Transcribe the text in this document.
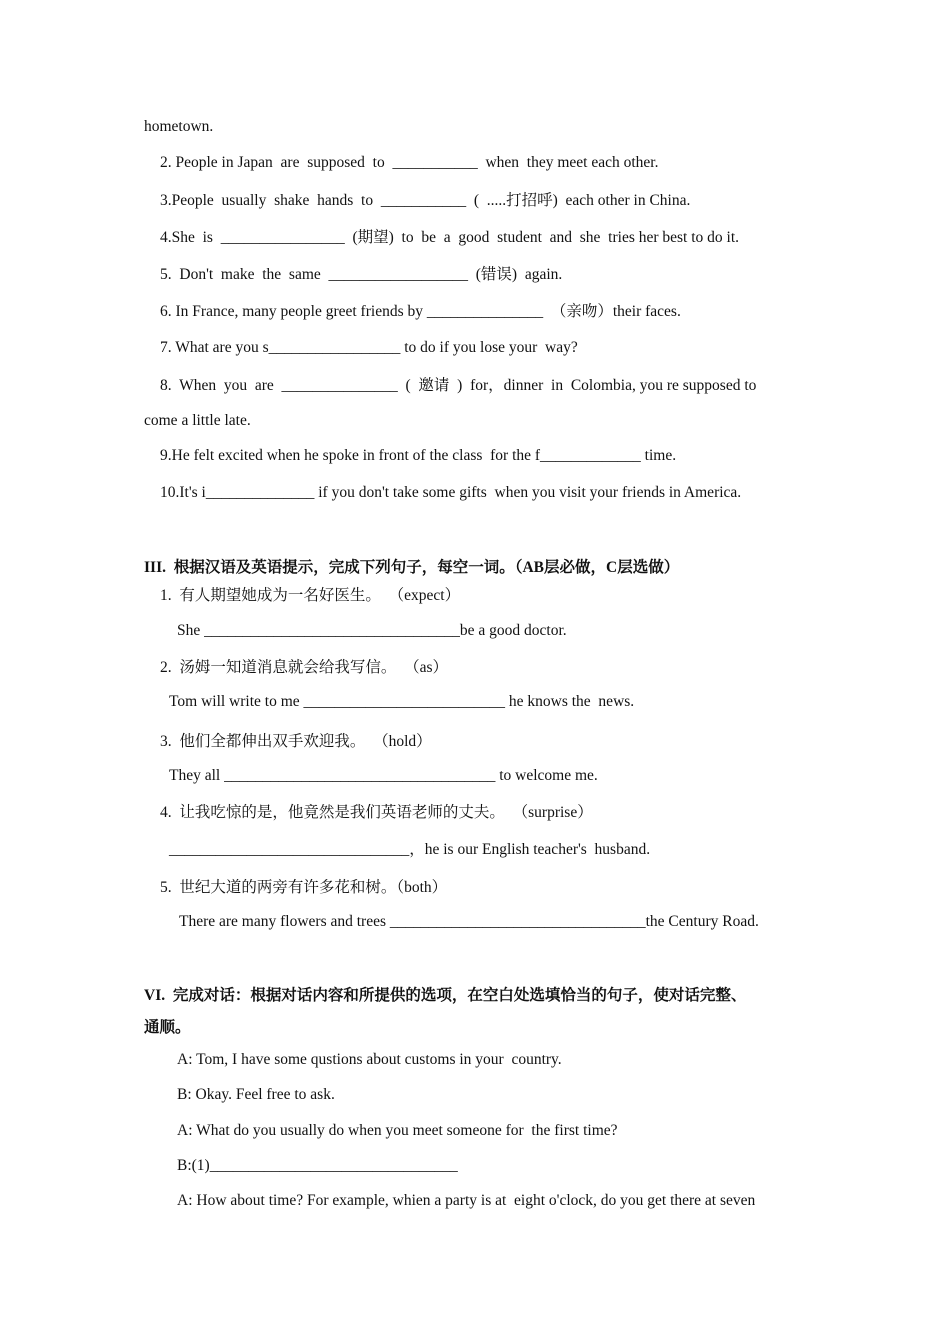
hometown.
2. People in Japan  are  supposed  to  ___________  when  they meet each other.
3.People  usually  shake  hands  to  ___________  (  .....打招呼)  each other in China.
4.She  is  ________________  (期望)  to  be  a  good  student  and  she  tries her best to do it.
5.  Don't  make  the  same  __________________  (错误)  again.
6. In France, many people greet friends by _______________  （亲吻）their faces.
7. What are you s_________________ to do if you lose your  way?
8.  When  you  are  _______________  (  邀请  )  for，dinner  in  Colombia, you re supposed to
come a little late.
9.He felt excited when he spoke in front of the class  for the f_____________ time.
10.It's i______________ if you don't take some gifts  when you visit your friends in America.
III.  根据汉语及英语提示，完成下列句子，每空一词。（AB层必做，C层选做）
1.  有人期望她成为一名好医生。  （expect）
She _________________________________be a good doctor.
2.  汤姆一知道消息就会给我写信。  （as）
Tom will write to me __________________________ he knows the  news.
3.  他们全都伸出双手欢迎我。  （hold）
They all ___________________________________ to welcome me.
4.  让我吃惊的是，他竟然是我们英语老师的丈夫。  （surprise）
_______________________________，he is our English teacher's  husband.
5.  世纪大道的两旁有许多花和树。（both）
There are many flowers and trees _________________________________the Century Road.
VI.  完成对话：根据对话内容和所提供的选项，在空白处选填恰当的句子，使对话完整、
通顺。
A: Tom, I have some qustions about customs in your  country.
B: Okay. Feel free to ask.
A: What do you usually do when you meet someone for  the first time?
B:(1)________________________________
A: How about time? For example, whien a party is at  eight o'clock, do you get there at seven
